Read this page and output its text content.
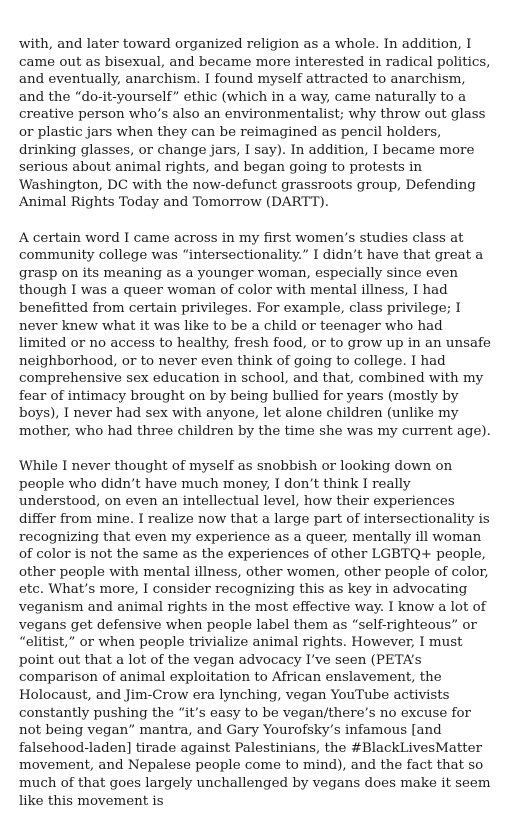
with, and later toward organized religion as a whole. In addition, I came out as bisexual, and became more interested in radical politics, and eventually, anarchism. I found myself attracted to anarchism, and the “do-it-yourself” ethic (which in a way, came naturally to a creative person who’s also an environmentalist; why throw out glass or plastic jars when they can be reimagined as pencil holders, drinking glasses, or change jars, I say). In addition, I became more serious about animal rights, and began going to protests in Washington, DC with the now-defunct grassroots group, Defending Animal Rights Today and Tomorrow (DARTT).

A certain word I came across in my first women’s studies class at community college was “intersectionality.” I didn’t have that great a grasp on its meaning as a younger woman, especially since even though I was a queer woman of color with mental illness, I had benefitted from certain privileges. For example, class privilege; I never knew what it was like to be a child or teenager who had limited or no access to healthy, fresh food, or to grow up in an unsafe neighborhood, or to never even think of going to college. I had comprehensive sex education in school, and that, combined with my fear of intimacy brought on by being bullied for years (mostly by boys), I never had sex with anyone, let alone children (unlike my mother, who had three children by the time she was my current age).

While I never thought of myself as snobbish or looking down on people who didn’t have much money, I don’t think I really understood, on even an intellectual level, how their experiences differ from mine. I realize now that a large part of intersectionality is recognizing that even my experience as a queer, mentally ill woman of color is not the same as the experiences of other LGBTQ+ people, other people with mental illness, other women, other people of color, etc. What’s more, I consider recognizing this as key in advocating veganism and animal rights in the most effective way. I know a lot of vegans get defensive when people label them as “self-righteous” or “elitist,” or when people trivialize animal rights. However, I must point out that a lot of the vegan advocacy I’ve seen (PETA’s comparison of animal exploitation to African enslavement, the Holocaust, and Jim-Crow era lynching, vegan YouTube activists constantly pushing the “it’s easy to be vegan/there’s no excuse for not being vegan” mantra, and Gary Yourofsky’s infamous [and falsehood-laden] tirade against Palestinians, the #BlackLivesMatter movement, and Nepalese people come to mind), and the fact that so much of that goes largely unchallenged by vegans does make it seem like this movement is
